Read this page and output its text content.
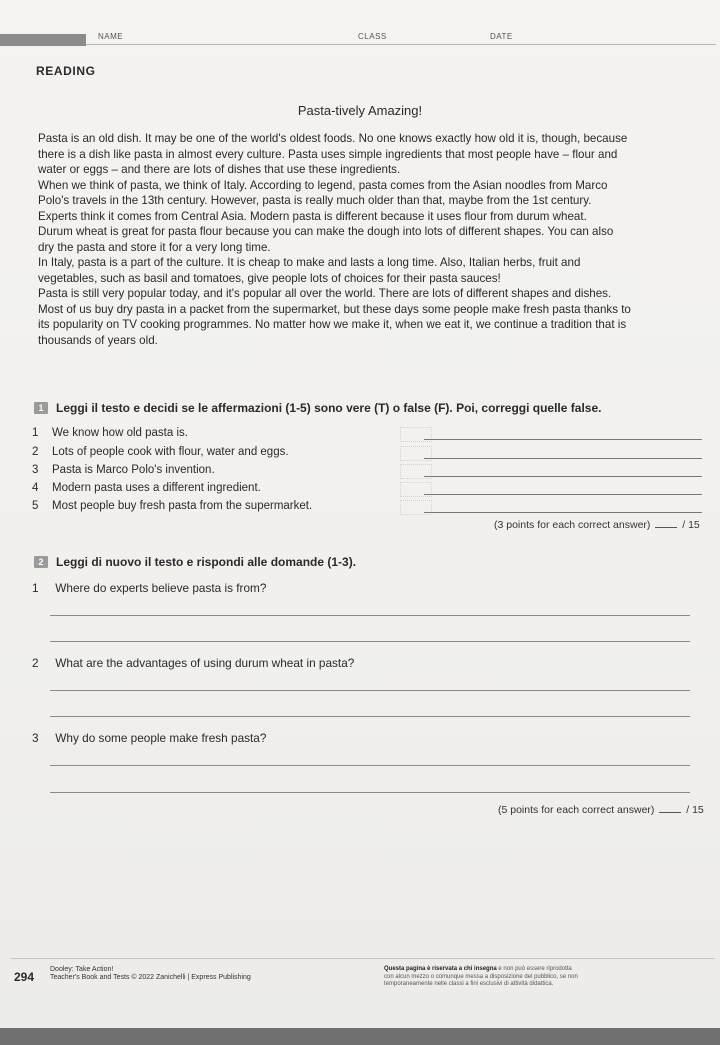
NAME	CLASS	DATE
READING
Pasta-tively Amazing!

Pasta is an old dish. It may be one of the world's oldest foods. No one knows exactly how old it is, though, because

there is a dish like pasta in almost every culture. Pasta uses simple ingredients that most people have – flour and

water or eggs – and there are lots of dishes that use these ingredients.

When we think of pasta, we think of Italy. According to legend, pasta comes from the Asian noodles from Marco

Polo's travels in the 13th century. However, pasta is really much older than that, maybe from the 1st century.

Experts think it comes from Central Asia. Modern pasta is different because it uses flour from durum wheat.

Durum wheat is great for pasta flour because you can make the dough into lots of different shapes. You can also

dry the pasta and store it for a very long time.

In Italy, pasta is a part of the culture. It is cheap to make and lasts a long time. Also, Italian herbs, fruit and

vegetables, such as basil and tomatoes, give people lots of choices for their pasta sauces!

Pasta is still very popular today, and it's popular all over the world. There are lots of different shapes and dishes.

Most of us buy dry pasta in a packet from the supermarket, but these days some people make fresh pasta thanks to

its popularity on TV cooking programmes. No matter how we make it, when we eat it, we continue a tradition that is

thousands of years old.

1	Leggi il testo e decidi se le affermazioni (1-5) sono vere (T) o false (F). Poi, correggi quelle false.
1	We know how old pasta is.
2	Lots of people cook with flour, water and eggs.
3	Pasta is Marco Polo's invention.
4	Modern pasta uses a different ingredient.
5	Most people buy fresh pasta from the supermarket.
(3 points for each correct answer)	/ 15
2	Leggi di nuovo il testo e rispondi alle domande (1-3).
1 Where do experts believe pasta is from?
2 What are the advantages of using durum wheat in pasta?
3 Why do some people make fresh pasta?
(5 points for each correct answer)	/ 15
294
Dooley: Take Action!
Teacher's Book and Tests © 2022 Zanichelli | Express Publishing
Questa pagina è riservata a chi insegna e non può essere riprodotta
con alcun mezzo o comunque messa a disposizione del pubblico, se non
temporaneamente nelle classi a fini esclusivi di attività didattica.
